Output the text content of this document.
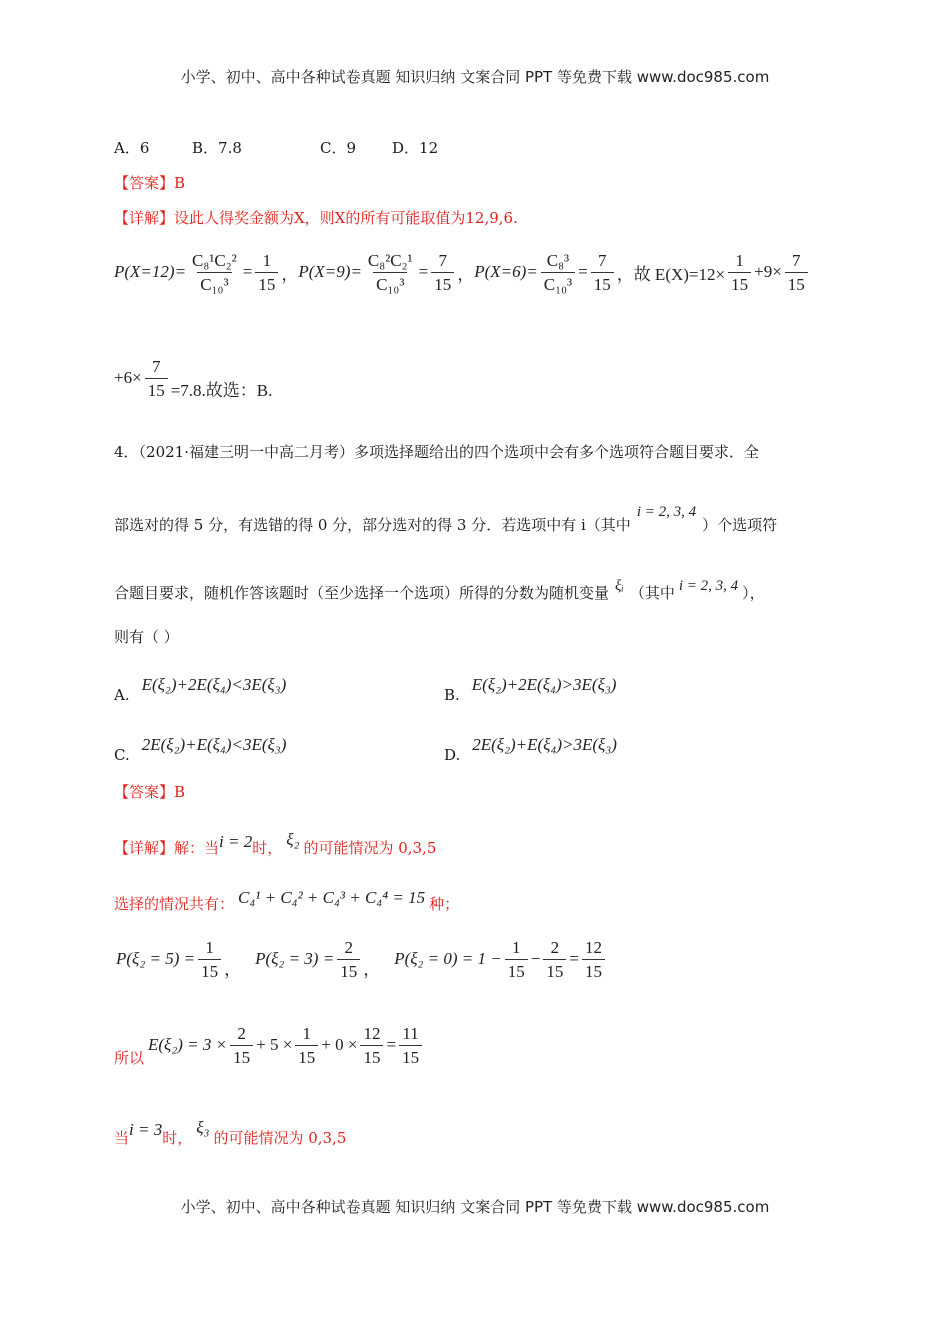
小学、初中、高中各种试卷真题 知识归纳 文案合同 PPT 等免费下载 www.doc985.com
A．6	B．7.8	C．9 D．12
【答案】B
【详解】设此人得奖金额为X，则X的所有可能取值为12,9,6.
$P(X=12)= \frac{\text{C₈¹C₂²}}{\text{C₁₀³}} = \frac{1}{15}$ ， $P(X=9)= \frac{\text{C₈²C₂¹}}{\text{C₁₀³}} = \frac{7}{15}$ ， $P(X=6)= \frac{\text{C₈³}}{\text{C₁₀³}} = \frac{7}{15}$ ， 故 $E(X)=12\times \frac{1}{15} +9\times \frac{7}{15}$
$+6\times \frac{7}{15} =7.8$.故选：B.
4．（2021·福建三明一中高二月考）多项选择题给出的四个选项中会有多个选项符合题目要求．全
部选对的得 5 分，有选错的得 0 分，部分选对的得 3 分．若选项中有 i（其中i = 2, 3, 4）个选项符
合题目要求，随机作答该题时（至少选择一个选项）所得的分数为随机变量 ξᵢ （其中 i = 2, 3, 4 ），
则有（ ）
A.E(ξ₂)+2E(ξ₄)<3E(ξ₃)
B.E(ξ₂)+2E(ξ₄)>3E(ξ₃)
C.2E(ξ₂)+E(ξ₄)<3E(ξ₃)
D.2E(ξ₂)+E(ξ₄)>3E(ξ₃)
【答案】B
【详解】解：当i = 2时， ξ₂ 的可能情况为 0,3,5
选择的情况共有： C₄¹ + C₄² + C₄³ + C₄⁴ = 15 种；
$P(\xi_2 = 5) = \frac{1}{15}$ ，
$P(\xi_2 = 3) = \frac{2}{15}$ ，
$P(\xi_2 = 0) = 1 - \frac{1}{15} - \frac{2}{15} = \frac{12}{15}$
所以
$E(\xi_2) = 3 \times \frac{2}{15} + 5 \times \frac{1}{15} + 0 \times \frac{12}{15} = \frac{11}{15}$
当i = 3时，ξ₃的可能情况为 0,3,5
小学、初中、高中各种试卷真题 知识归纳 文案合同 PPT 等免费下载 www.doc985.com
